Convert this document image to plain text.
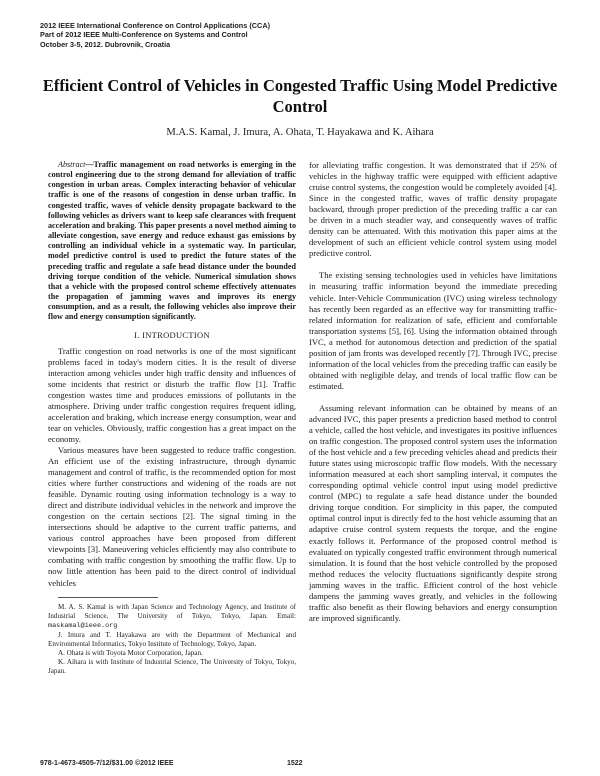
2012 IEEE International Conference on Control Applications (CCA)
Part of 2012 IEEE Multi-Conference on Systems and Control
October 3-5, 2012. Dubrovnik, Croatia
Efficient Control of Vehicles in Congested Traffic Using Model Predictive Control
M.A.S. Kamal, J. Imura, A. Ohata, T. Hayakawa and K. Aihara

Abstract—Traffic management on road networks is emerging in the control engineering due to the strong demand for alleviation of traffic congestion in urban areas. Complex interacting behavior of vehicular traffic is one of the reasons of congestion in dense urban traffic. In congested traffic, waves of vehicle density propagate backward to the following vehicles as drivers want to keep safe clearances with frequent acceleration and braking. This paper presents a novel method aiming to alleviate congestion, save energy and reduce exhaust gas emissions by controlling an individual vehicle in a systematic way. In particular, model predictive control is used to predict the future states of the preceding traffic and regulate a safe head distance under the bounded driving torque condition of the vehicle. Numerical simulation shows that a vehicle with the proposed control scheme effectively attenuates the propagation of jamming waves and improves its energy consumption, and as a result, the following vehicles also improve their flow and energy consumption significantly.

I. INTRODUCTION

Traffic congestion on road networks is one of the most significant problems faced in today's modern cities. It is the result of diverse interaction among vehicles under high traffic density and influences of some incidents that restrict or disturb the traffic flow [1]. Traffic congestion wastes time and produces emissions of pollutants in the atmosphere. Driving under traffic congestion requires frequent idling, acceleration and braking, which increase energy consumption, wear and tear on vehicles. Obviously, traffic congestion has a great impact on the economy.

Various measures have been suggested to reduce traffic congestion. An efficient use of the existing infrastructure, through dynamic management and control of traffic, is the recommended option for most cities where further constructions and widening of the roads are not feasible. Dynamic routing using information technology is a way to direct and distribute individual vehicles in the network and improve the congestion on the certain sections [2]. The signal timing in the intersections should be adaptive to the current traffic patterns, and various control approaches have been proposed from different viewpoints [3]. Maneuvering vehicles efficiently may also contribute to combating with traffic congestion by smoothing the traffic flow. Up to now little attention has been paid to the direct control of individual vehicles

M. A. S. Kamal is with Japan Science and Technology Agency, and Institute of Industrial Science, The University of Tokyo, Tokyo, Japan. Email: maskamal@ieee.org

J. Imura and T. Hayakawa are with the Department of Mechanical and Environmental Informatics, Tokyo Institute of Technology, Tokyo, Japan.

A. Ohata is with Toyota Motor Corporation, Japan.

K. Aihara is with Institute of Industrial Science, The University of Tokyo, Tokyo, Japan.

for alleviating traffic congestion. It was demonstrated that if 25% of vehicles in the highway traffic were equipped with efficient adaptive cruise control systems, the congestion would be completely avoided [4]. Since in the congested traffic, waves of traffic density propagate backward, through proper prediction of the preceding traffic a car can be driven in a much steadier way, and consequently waves of traffic density can be attenuated. With this motivation this paper aims at the development of such an efficient vehicle control system using model predictive control.

The existing sensing technologies used in vehicles have limitations in measuring traffic information beyond the immediate preceding vehicle. Inter-Vehicle Communication (IVC) using wireless technology has recently been regarded as an effective way for transmitting traffic-related information for realization of safe, efficient and comfortable transportation systems [5], [6]. Using the information obtained through IVC, a method for autonomous detection and prediction of the spatial position of jam fronts was developed recently [7]. Through IVC, precise information of the local vehicles from the preceding traffic can easily be obtained with negligible delay, and trends of local traffic flow can be estimated.

Assuming relevant information can be obtained by means of an advanced IVC, this paper presents a prediction based method to control a vehicle, called the host vehicle, and investigates its positive influences on traffic congestion. The proposed control system uses the information of the host vehicle and a few preceding vehicles ahead and predicts their future states using microscopic traffic flow models. With the necessary information measured at each short sampling interval, it computes the corresponding optimal vehicle control input using model predictive control (MPC) to regulate a safe head distance under the bounded driving torque condition. For simplicity in this paper, the computed optimal control input is directly fed to the host vehicle assuming that an adaptive cruise control system requests the torque, and the engine exactly follows it. Performance of the proposed control method is evaluated on typically congested traffic environment through numerical simulation. It is found that the host vehicle controlled by the proposed method reduces the velocity fluctuations significantly despite strong jamming waves in the traffic. Efficient control of the host vehicle dampens the jamming waves greatly, and vehicles in the following traffic also benefit as their flowing behaviors and energy consumption are improved significantly.

978-1-4673-4505-7/12/$31.00 ©2012 IEEE	1522
